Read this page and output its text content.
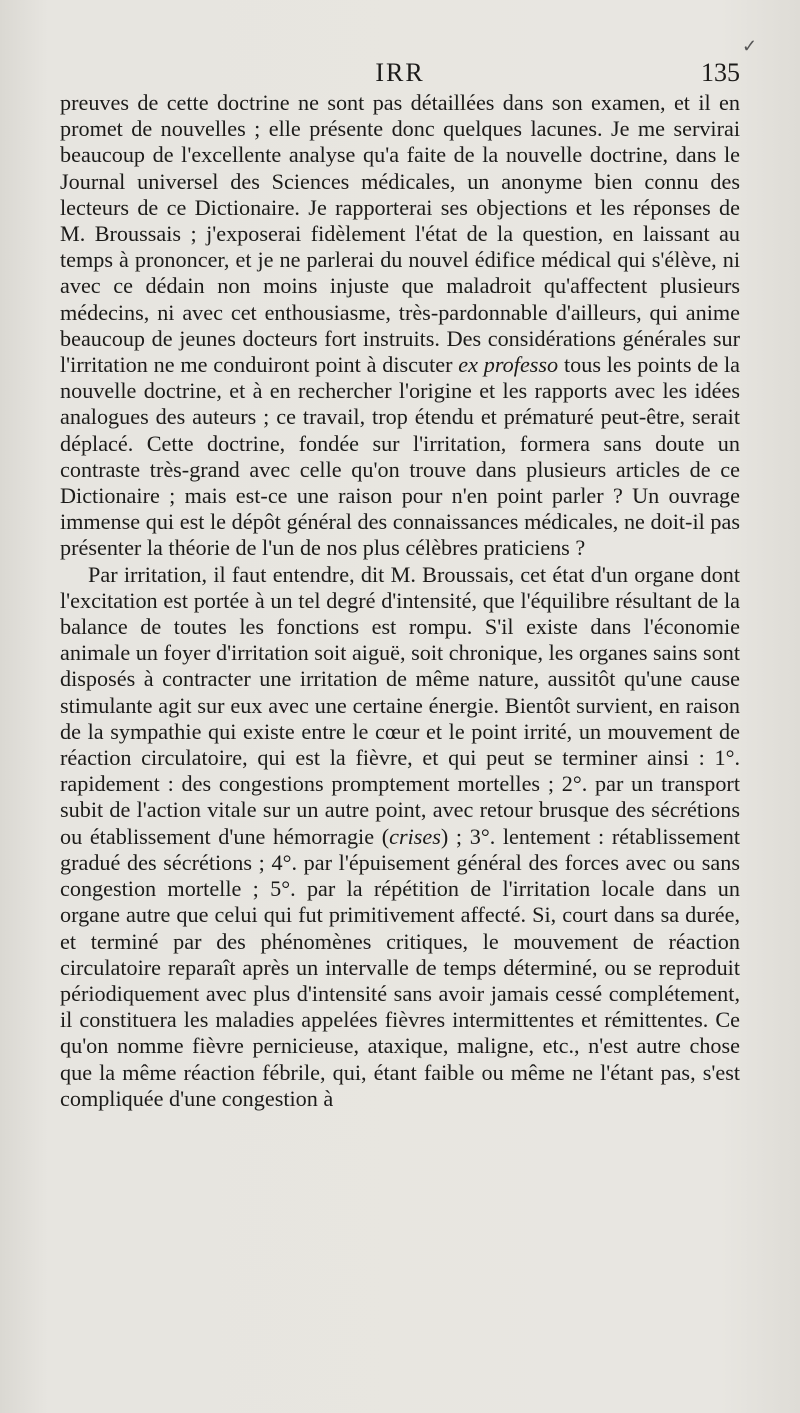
✓
IRR	135

preuves de cette doctrine ne sont pas détaillées dans son examen, et il en promet de nouvelles ; elle présente donc quelques lacunes. Je me servirai beaucoup de l'excellente analyse qu'a faite de la nouvelle doctrine, dans le Journal universel des Sciences médicales, un anonyme bien connu des lecteurs de ce Dictionaire. Je rapporterai ses objections et les réponses de M. Broussais ; j'exposerai fidèlement l'état de la question, en laissant au temps à prononcer, et je ne parlerai du nouvel édifice médical qui s'élève, ni avec ce dédain non moins injuste que maladroit qu'affectent plusieurs médecins, ni avec cet enthousiasme, très-pardonnable d'ailleurs, qui anime beaucoup de jeunes docteurs fort instruits. Des considérations générales sur l'irritation ne me conduiront point à discuter ex professo tous les points de la nouvelle doctrine, et à en rechercher l'origine et les rapports avec les idées analogues des auteurs ; ce travail, trop étendu et prématuré peut-être, serait déplacé. Cette doctrine, fondée sur l'irritation, formera sans doute un contraste très-grand avec celle qu'on trouve dans plusieurs articles de ce Dictionaire ; mais est-ce une raison pour n'en point parler ? Un ouvrage immense qui est le dépôt général des connaissances médicales, ne doit-il pas présenter la théorie de l'un de nos plus célèbres praticiens ?

Par irritation, il faut entendre, dit M. Broussais, cet état d'un organe dont l'excitation est portée à un tel degré d'intensité, que l'équilibre résultant de la balance de toutes les fonctions est rompu. S'il existe dans l'économie animale un foyer d'irritation soit aiguë, soit chronique, les organes sains sont disposés à contracter une irritation de même nature, aussitôt qu'une cause stimulante agit sur eux avec une certaine énergie. Bientôt survient, en raison de la sympathie qui existe entre le cœur et le point irrité, un mouvement de réaction circulatoire, qui est la fièvre, et qui peut se terminer ainsi : 1°. rapidement : des congestions promptement mortelles ; 2°. par un transport subit de l'action vitale sur un autre point, avec retour brusque des sécrétions ou établissement d'une hémorragie (crises) ; 3°. lentement : rétablissement gradué des sécrétions ; 4°. par l'épuisement général des forces avec ou sans congestion mortelle ; 5°. par la répétition de l'irritation locale dans un organe autre que celui qui fut primitivement affecté. Si, court dans sa durée, et terminé par des phénomènes critiques, le mouvement de réaction circulatoire reparaît après un intervalle de temps déterminé, ou se reproduit périodiquement avec plus d'intensité sans avoir jamais cessé complétement, il constituera les maladies appelées fièvres intermittentes et rémittentes. Ce qu'on nomme fièvre pernicieuse, ataxique, maligne, etc., n'est autre chose que la même réaction fébrile, qui, étant faible ou même ne l'étant pas, s'est compliquée d'une congestion à
